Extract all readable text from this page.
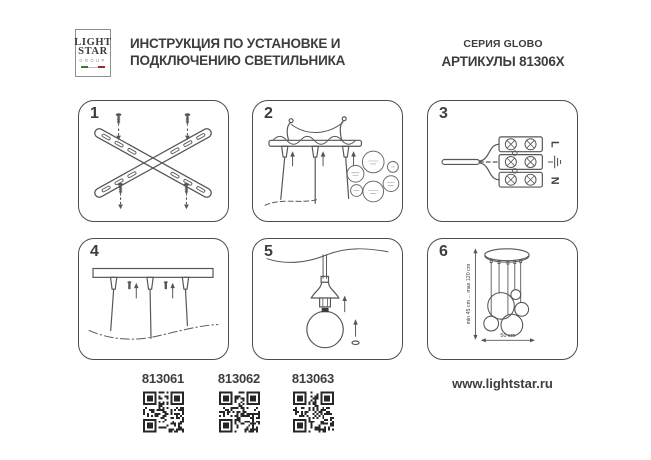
LIGHT
STAR
GROUP
ИНСТРУКЦИЯ ПО УСТАНОВКЕ И
ПОДКЛЮЧЕНИЮ СВЕТИЛЬНИКА
СЕРИЯ GLOBO
АРТИКУЛЫ 81306X
1	2	3
L
N
4	5	6
min 45 cm ... max 120 cm
50 cm
813061	813062	813063	www.lightstar.ru
